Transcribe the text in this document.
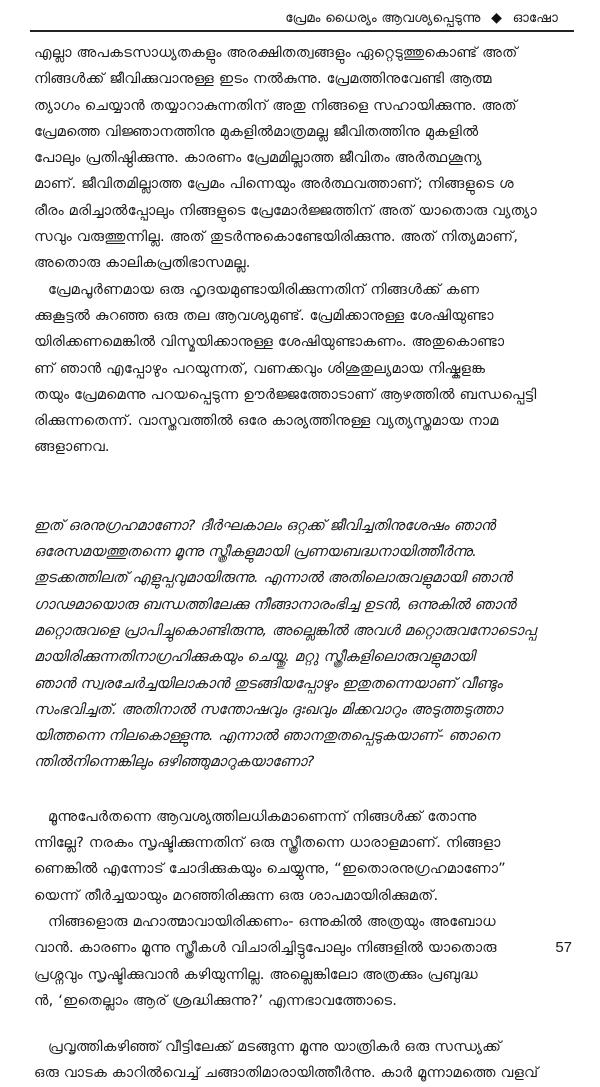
പ്രേമം ധൈര്യം ആവശ്യപ്പെടുന്നു ◆ ഓഷോ
എല്ലാ അപകടസാധ്യതകളും അരക്ഷിതത്വങ്ങളും ഏറ്റെടുത്തുകൊണ്ട് അത്
നിങ്ങൾക്ക് ജീവിക്കുവാനുള്ള ഇടം നൽകുന്നു. പ്രേമത്തിനുവേണ്ടി ആത്മ
ത്യാഗം ചെയ്യാൻ തയ്യാറാകുന്നതിന് അതു നിങ്ങളെ സഹായിക്കുന്നു. അത്
പ്രേമത്തെ വിജ്ഞാനത്തിനു മുകളിൽമാത്രമല്ല ജീവിതത്തിനു മുകളിൽ
പോലും പ്രതിഷ്ഠിക്കുന്നു. കാരണം പ്രേമമില്ലാത്ത ജീവിതം അർത്ഥശൂന്യ
മാണ്. ജീവിതമില്ലാത്ത പ്രേമം പിന്നെയും അർത്ഥവത്താണ്; നിങ്ങളുടെ ശ
രീരം മരിച്ചാൽപ്പോലും നിങ്ങളുടെ പ്രേമോർജ്ജത്തിന് അത് യാതൊരു വ്യത്യാ
സവും വരുത്തുന്നില്ല. അത് തുടർന്നുകൊണ്ടേയിരിക്കുന്നു. അത് നിത്യമാണ്,
അതൊരു കാലികപ്രതിഭാസമല്ല.
പ്രേമപൂർണമായ ഒരു ഹൃദയമുണ്ടായിരിക്കുന്നതിന് നിങ്ങൾക്ക് കണ
ക്കുകൂട്ടൽ കുറഞ്ഞ ഒരു തല ആവശ്യമുണ്ട്. പ്രേമിക്കാനുള്ള ശേഷിയുണ്ടാ
യിരിക്കണമെങ്കിൽ വിസ്മയിക്കാനുള്ള ശേഷിയുണ്ടാകണം. അതുകൊണ്ടാ
ണ് ഞാൻ എപ്പോഴും പറയുന്നത്, വണക്കവും ശിശുതുല്യമായ നിഷ്കളങ്ക
തയും പ്രേമമെന്നു പറയപ്പെടുന്ന ഊർജ്ജത്തോടാണ് ആഴത്തിൽ ബന്ധപ്പെട്ടി
രിക്കുന്നതെന്ന്. വാസ്തവത്തിൽ ഒരേ കാര്യത്തിനുള്ള വ്യത്യസ്തമായ നാമ
ങ്ങളാണവ.
ഇത് ഒരനുഗ്രഹമാണോ? ദീർഘകാലം ഒറ്റക്ക് ജീവിച്ചതിനുശേഷം ഞാൻ
ഒരേസമയത്തുതന്നെ മൂന്നു സ്ത്രീകളുമായി പ്രണയബദ്ധനായിത്തീർന്നു.
തുടക്കത്തിലത് എളുപ്പവുമായിരുന്നു. എന്നാൽ അതിലൊരുവളുമായി ഞാൻ
ഗാഢമായൊരു ബന്ധത്തിലേക്കു നീങ്ങാനാരംഭിച്ച ഉടൻ, ഒന്നുകിൽ ഞാൻ
മറ്റൊരുവളെ പ്രാപിച്ചുകൊണ്ടിരുന്നു, അല്ലെങ്കിൽ അവൾ മറ്റൊരുവനോടൊപ്പ
മായിരിക്കുന്നതിനാഗ്രഹിക്കുകയും ചെയ്തു. മറ്റു സ്ത്രീകളിലൊരുവളുമായി
ഞാൻ സ്വരചേർച്ചയിലാകാൻ തുടങ്ങിയപ്പോഴും ഇതുതന്നെയാണ് വീണ്ടും
സംഭവിച്ചത്. അതിനാൽ സന്തോഷവും ദുഃഖവും മിക്കവാറും അടുത്തടുത്താ
യിത്തന്നെ നിലകൊള്ളുന്നു. എന്നാൽ ഞാനതുതപ്പെടുകയാണ്- ഞാനെ
ന്തിൽനിന്നെങ്കിലും ഒഴിഞ്ഞുമാറുകയാണോ?
മൂന്നുപേർതന്നെ ആവശ്യത്തിലധികമാണെന്ന് നിങ്ങൾക്ക് തോന്നു
ന്നില്ലേ? നരകം സൃഷ്ടിക്കുന്നതിന് ഒരു സ്ത്രീതന്നെ ധാരാളമാണ്. നിങ്ങളാ
ണെങ്കിൽ എന്നോട് ചോദിക്കുകയും ചെയ്യുന്നു, “ഇതൊരനുഗ്രഹമാണോ”
യെന്ന് തീർച്ചയായും മറഞ്ഞിരിക്കുന്ന ഒരു ശാപമായിരിക്കുമത്.
നിങ്ങളൊരു മഹാത്മാവായിരിക്കണം- ഒന്നുകിൽ അത്രയും അബോധ
വാൻ. കാരണം മൂന്നു സ്ത്രീകൾ വിചാരിച്ചിട്ടുപോലും നിങ്ങളിൽ യാതൊരു
പ്രശ്നവും സൃഷ്ടിക്കുവാൻ കഴിയുന്നില്ല. അല്ലെങ്കിലോ അത്രക്കും പ്രബുദ്ധ
ൻ, ‘ഇതെല്ലാം ആര് ശ്രദ്ധിക്കുന്നു?’ എന്നഭാവത്തോടെ.
പ്രവൃത്തികഴിഞ്ഞ് വീട്ടിലേക്ക് മടങ്ങുന്ന മൂന്നു യാത്രികർ ഒരു സന്ധ്യക്ക്
ഒരു വാടക കാറിൽവെച്ച് ചങ്ങാതിമാരായിത്തീർന്നു. കാർ മൂന്നാമത്തെ വളവ്
57
